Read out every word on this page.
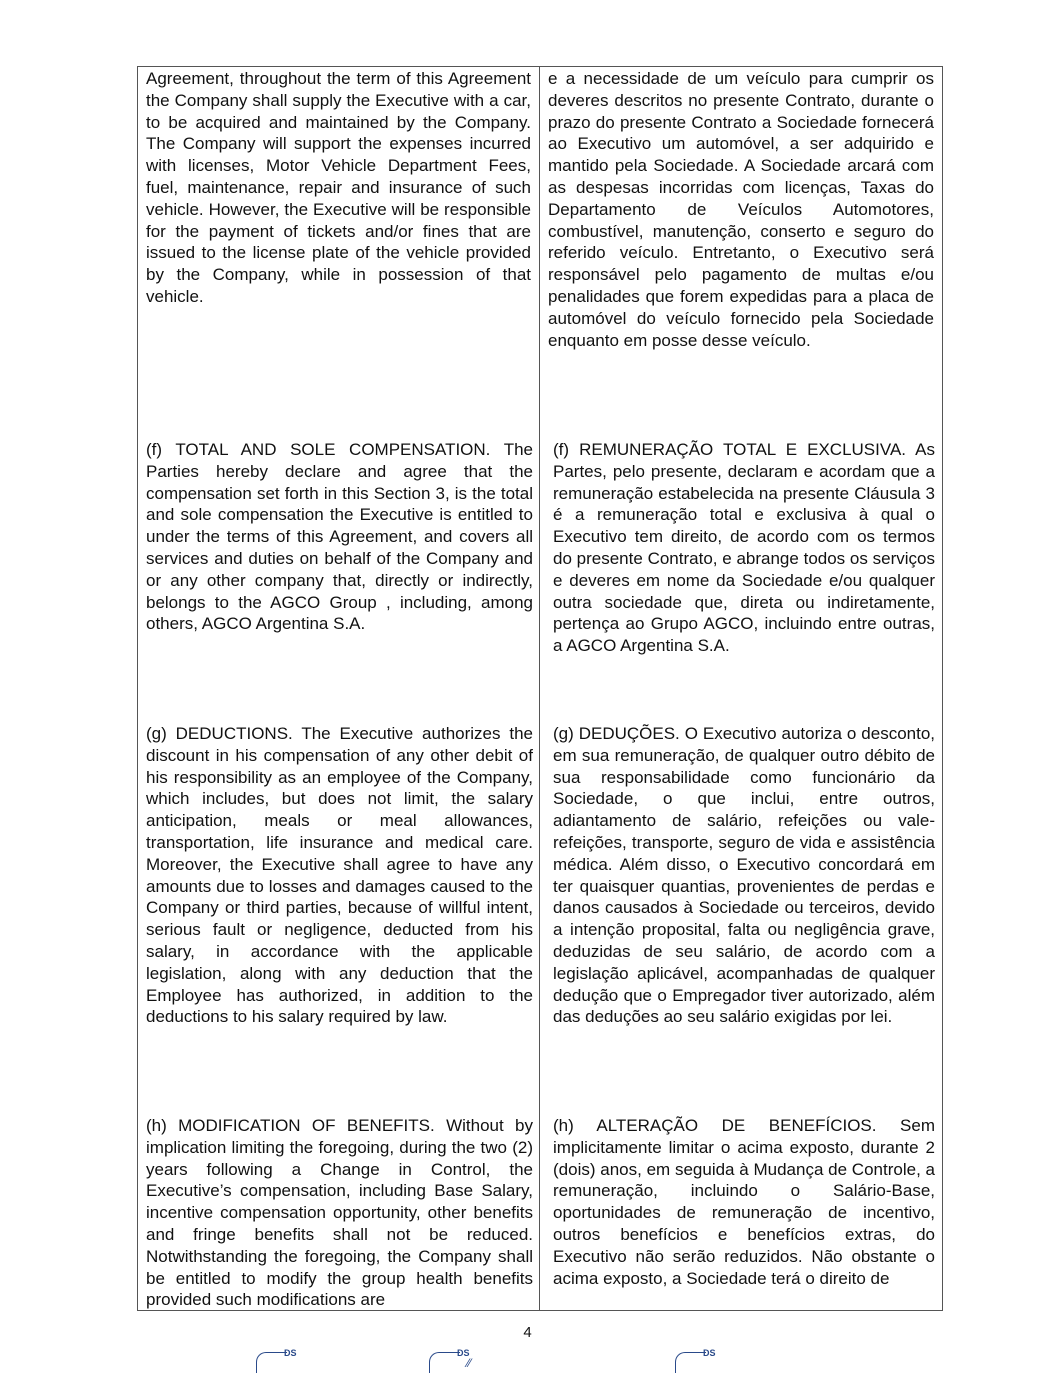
Agreement, throughout the term of this Agreement the Company shall supply the Executive with a car, to be acquired and maintained by the Company. The Company will support the expenses incurred with licenses, Motor Vehicle Department Fees, fuel, maintenance, repair and insurance of such vehicle. However, the Executive will be responsible for the payment of tickets and/or fines that are issued to the license plate of the vehicle provided by the Company, while in possession of that vehicle.

(f) TOTAL AND SOLE COMPENSATION. The Parties hereby declare and agree that the compensation set forth in this Section 3, is the total and sole compensation the Executive is entitled to under the terms of this Agreement, and covers all services and duties on behalf of the Company and or any other company that, directly or indirectly, belongs to the AGCO Group , including, among others, AGCO Argentina S.A.

(g) DEDUCTIONS. The Executive authorizes the discount in his compensation of any other debit of his responsibility as an employee of the Company, which includes, but does not limit, the salary anticipation, meals or meal allowances, transportation, life insurance and medical care. Moreover, the Executive shall agree to have any amounts due to losses and damages caused to the Company or third parties, because of willful intent, serious fault or negligence, deducted from his salary, in accordance with the applicable legislation, along with any deduction that the Employee has authorized, in addition to the deductions to his salary required by law.

(h) MODIFICATION OF BENEFITS. Without by implication limiting the foregoing, during the two (2) years following a Change in Control, the Executive’s compensation, including Base Salary, incentive compensation opportunity, other benefits and fringe benefits shall not be reduced. Notwithstanding the foregoing, the Company shall be entitled to modify the group health benefits provided such modifications are

e a necessidade de um veículo para cumprir os deveres descritos no presente Contrato, durante o prazo do presente Contrato a Sociedade fornecerá ao Executivo um automóvel, a ser adquirido e mantido pela Sociedade. A Sociedade arcará com as despesas incorridas com licenças, Taxas do Departamento de Veículos Automotores, combustível, manutenção, conserto e seguro do referido veículo. Entretanto, o Executivo será responsável pelo pagamento de multas e/ou penalidades que forem expedidas para a placa de automóvel do veículo fornecido pela Sociedade enquanto em posse desse veículo.

(f) REMUNERAÇÃO TOTAL E EXCLUSIVA. As Partes, pelo presente, declaram e acordam que a remuneração estabelecida na presente Cláusula 3 é a remuneração total e exclusiva à qual o Executivo tem direito, de acordo com os termos do presente Contrato, e abrange todos os serviços e deveres em nome da Sociedade e/ou qualquer outra sociedade que, direta ou indiretamente, pertença ao Grupo AGCO, incluindo entre outras, a AGCO Argentina S.A.

(g) DEDUÇÕES. O Executivo autoriza o desconto, em sua remuneração, de qualquer outro débito de sua responsabilidade como funcionário da Sociedade, o que inclui, entre outros, adiantamento de salário, refeições ou vale-refeições, transporte, seguro de vida e assistência médica. Além disso, o Executivo concordará em ter quaisquer quantias, provenientes de perdas e danos causados à Sociedade ou terceiros, devido a intenção proposital, falta ou negligência grave, deduzidas de seu salário, de acordo com a legislação aplicável, acompanhadas de qualquer dedução que o Empregador tiver autorizado, além das deduções ao seu salário exigidas por lei.

(h) ALTERAÇÃO DE BENEFÍCIOS. Sem implicitamente limitar o acima exposto, durante 2 (dois) anos, em seguida à Mudança de Controle, a remuneração, incluindo o Salário-Base, oportunidades de remuneração de incentivo, outros benefícios e benefícios extras, do Executivo não serão reduzidos. Não obstante o acima exposto, a Sociedade terá o direito de

4
DS	DS
⁄⁄
DS
